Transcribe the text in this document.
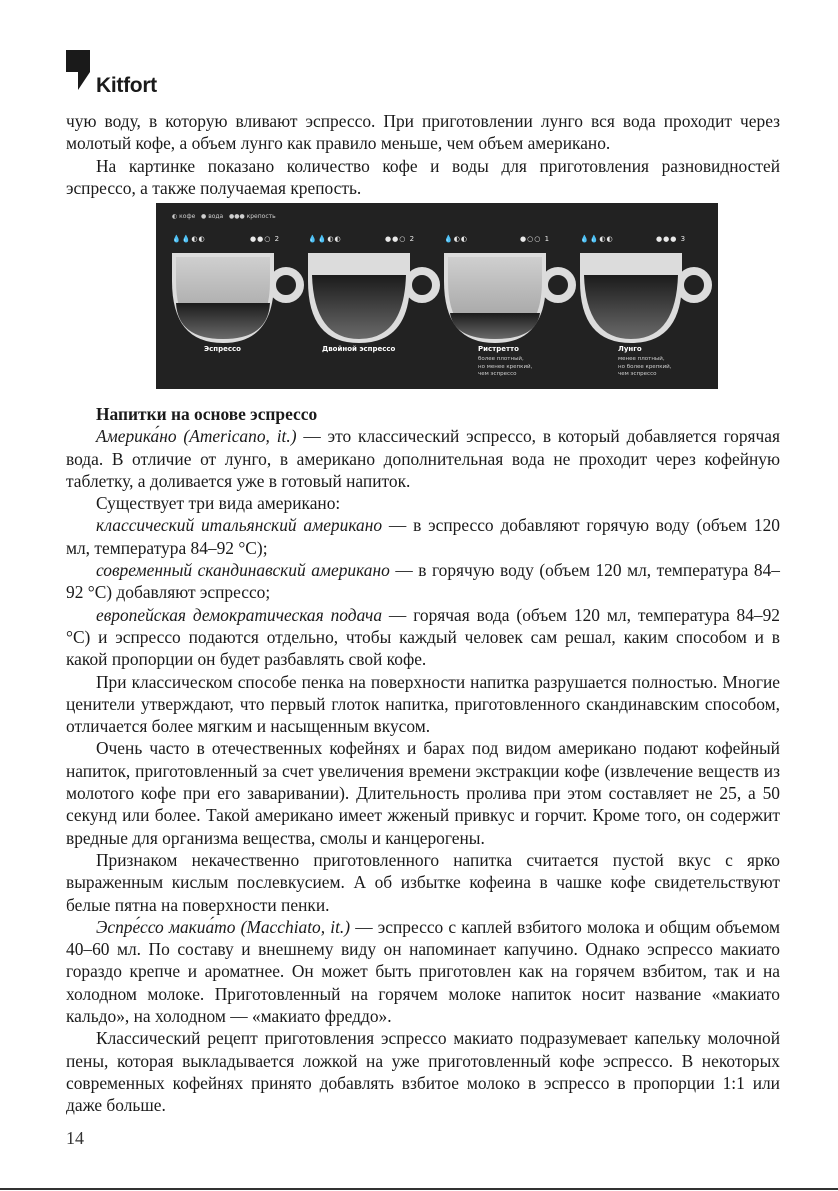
Kitfort

чую воду, в которую вливают эспрессо. При приготовлении лунго вся вода проходит через молотый кофе, а объем лунго как правило меньше, чем объем американо.

На картинке показано количество кофе и воды для приготовления разновидностей эспрессо, а также получаемая крепость.

◐ кофе ● вода ●●● крепость
💧💧◐◐	●●○ 2	💧💧◐◐	●●○ 2	💧◐◐	●○○ 1	💧💧◐◐	●●● 3
Эспрессо	Двойной эспрессо	Ристретто	Лунго
более плотный,
но менее крепкий,
чем эспрессо
менее плотный,
но более крепкий,
чем эспрессо

Напитки на основе эспрессо

Америка́но (Americano, it.) — это классический эспрессо, в который добавляется горячая вода. В отличие от лунго, в американо дополнительная вода не проходит через кофейную таблетку, а доливается уже в готовый напиток.

Существует три вида американо:

классический итальянский американо — в эспрессо добавляют горячую воду (объем 120 мл, температура 84–92 °C);

современный скандинавский американо — в горячую воду (объем 120 мл, температура 84–92 °C) добавляют эспрессо;

европейская демократическая подача — горячая вода (объем 120 мл, температура 84–92 °C) и эспрессо подаются отдельно, чтобы каждый человек сам решал, каким способом и в какой пропорции он будет разбавлять свой кофе.

При классическом способе пенка на поверхности напитка разрушается полностью. Многие ценители утверждают, что первый глоток напитка, приготовленного скандинавским способом, отличается более мягким и насыщенным вкусом.

Очень часто в отечественных кофейнях и барах под видом американо подают кофейный напиток, приготовленный за счет увеличения времени экстракции кофе (извлечение веществ из молотого кофе при его заваривании). Длительность пролива при этом составляет не 25, а 50 секунд или более. Такой американо имеет жженый привкус и горчит. Кроме того, он содержит вредные для организма вещества, смолы и канцерогены.

Признаком некачественно приготовленного напитка считается пустой вкус с ярко выраженным кислым послевкусием. А об избытке кофеина в чашке кофе свидетельствуют белые пятна на поверхности пенки.

Эспре́ссо макиа́то (Macchiato, it.) — эспрессо с каплей взбитого молока и общим объемом 40–60 мл. По составу и внешнему виду он напоминает капучино. Однако эспрессо макиато гораздо крепче и ароматнее. Он может быть приготовлен как на горячем взбитом, так и на холодном молоке. Приготовленный на горячем молоке напиток носит название «макиато кальдо», на холодном — «макиато фреддо».

Классический рецепт приготовления эспрессо макиато подразумевает капельку молочной пены, которая выкладывается ложкой на уже приготовленный кофе эспрессо. В некоторых современных кофейнях принято добавлять взбитое молоко в эспрессо в пропорции 1:1 или даже больше.

14
